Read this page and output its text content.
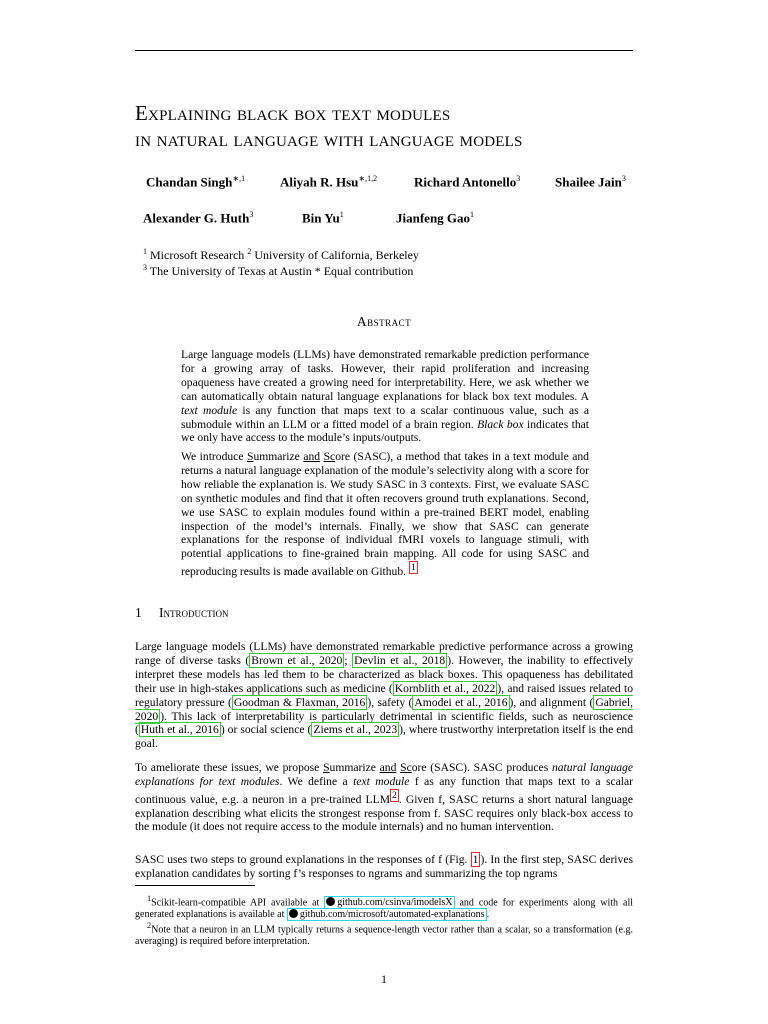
Explaining black box text modules
in natural language with language models
Chandan Singh$^{∗,1}$	Aliyah R. Hsu$^{∗,1,2}$	Richard Antonello$^3$	Shailee Jain$^3$
Alexander G. Huth$^3$	Bin Yu$^1$	Jianfeng Gao$^1$
$^1$ Microsoft Research $^2$ University of California, Berkeley
$^3$ The University of Texas at Austin * Equal contribution
Abstract
Large language models (LLMs) have demonstrated remarkable prediction performance for a growing array of tasks. However, their rapid proliferation and increasing opaqueness have created a growing need for interpretability. Here, we ask whether we can automatically obtain natural language explanations for black box text modules. A text module is any function that maps text to a scalar continuous value, such as a submodule within an LLM or a fitted model of a brain region. Black box indicates that we only have access to the module’s inputs/outputs.
We introduce Summarize and Score (SASC), a method that takes in a text module and returns a natural language explanation of the module’s selectivity along with a score for how reliable the explanation is. We study SASC in 3 contexts. First, we evaluate SASC on synthetic modules and find that it often recovers ground truth explanations. Second, we use SASC to explain modules found within a pre-trained BERT model, enabling inspection of the model’s internals. Finally, we show that SASC can generate explanations for the response of individual fMRI voxels to language stimuli, with potential applications to fine-grained brain mapping. All code for using SASC and reproducing results is made available on Github. $^1$
1 Introduction
Large language models (LLMs) have demonstrated remarkable predictive performance across a growing range of diverse tasks ( Brown et al., 2020 ; Devlin et al., 2018 ). However, the inability to effectively interpret these models has led them to be characterized as black boxes. This opaqueness has debilitated their use in high-stakes applications such as medicine ( Kornblith et al., 2022 ), and raised issues related to regulatory pressure ( Goodman & Flaxman, 2016 ), safety ( Amodei et al., 2016 ), and alignment ( Gabriel, 2020 ). This lack of interpretability is particularly detrimental in scientific fields, such as neuroscience ( Huth et al., 2016 ) or social science ( Ziems et al., 2023 ), where trustworthy interpretation itself is the end goal.
To ameliorate these issues, we propose Summarize and Score (SASC). SASC produces natural language explanations for text modules. We define a text module f as any function that maps text to a scalar continuous value, e.g. a neuron in a pre-trained LLM $^2$ . Given f, SASC returns a short natural language explanation describing what elicits the strongest response from f. SASC requires only black-box access to the module (it does not require access to the module internals) and no human intervention.
SASC uses two steps to ground explanations in the responses of f (Fig. 1 ). In the first step, SASC derives explanation candidates by sorting f’s responses to ngrams and summarizing the top ngrams
$^1$Scikit-learn-compatible API available at github.com/csinva/imodelsX and code for experiments along with all generated explanations is available at github.com/microsoft/automated-explanations .
$^2$Note that a neuron in an LLM typically returns a sequence-length vector rather than a scalar, so a transformation (e.g. averaging) is required before interpretation.
1
